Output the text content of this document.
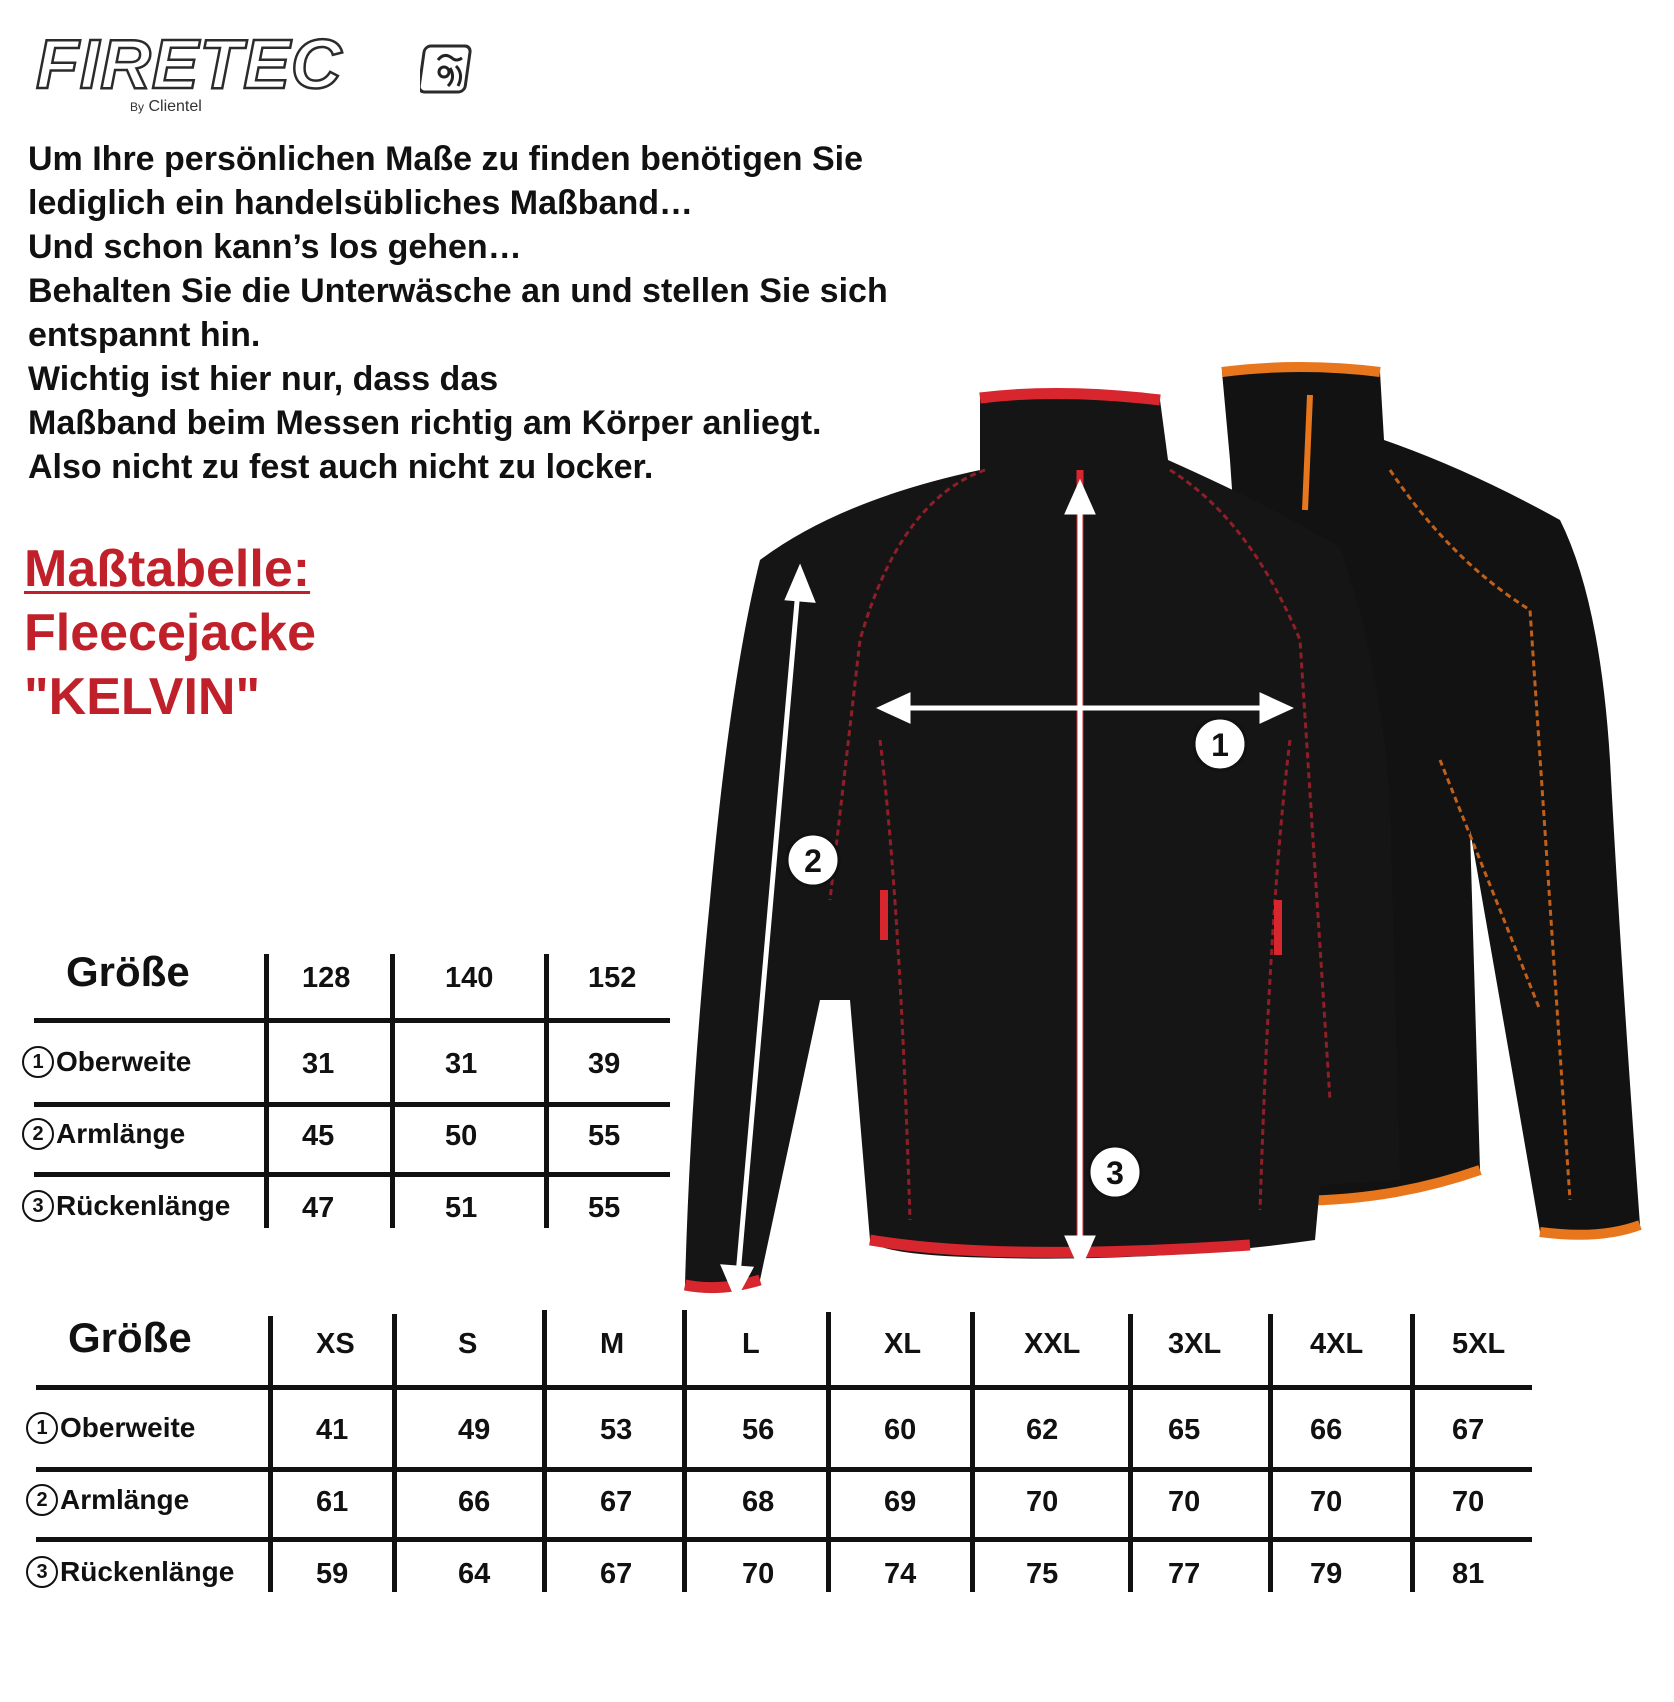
FIRETEC
By Clientel
Um Ihre persönlichen Maße zu finden benötigen Sie
lediglich ein handelsübliches Maßband…
Und schon kann’s los gehen…
Behalten Sie die Unterwäsche an und stellen Sie sich
entspannt hin.
Wichtig ist hier nur, dass das
Maßband beim Messen richtig am Körper anliegt.
Also nicht zu fest auch nicht zu locker.
Maßtabelle:
Fleecejacke
"KELVIN"
1
2
3
Größe	128	140	152
1 Oberweite	31	31	39
2 Armlänge	45	50	55
3 Rückenlänge 47	51	55
Größe	XS	S	M	L	XL	XXL	3XL	4XL	5XL
1 Oberweite	41	49	53	56	60	62	65	66	67
2 Armlänge	61	66	67	68	69	70	70	70	70
3 Rückenlänge	59	64	67	70	74	75	77	79	81
